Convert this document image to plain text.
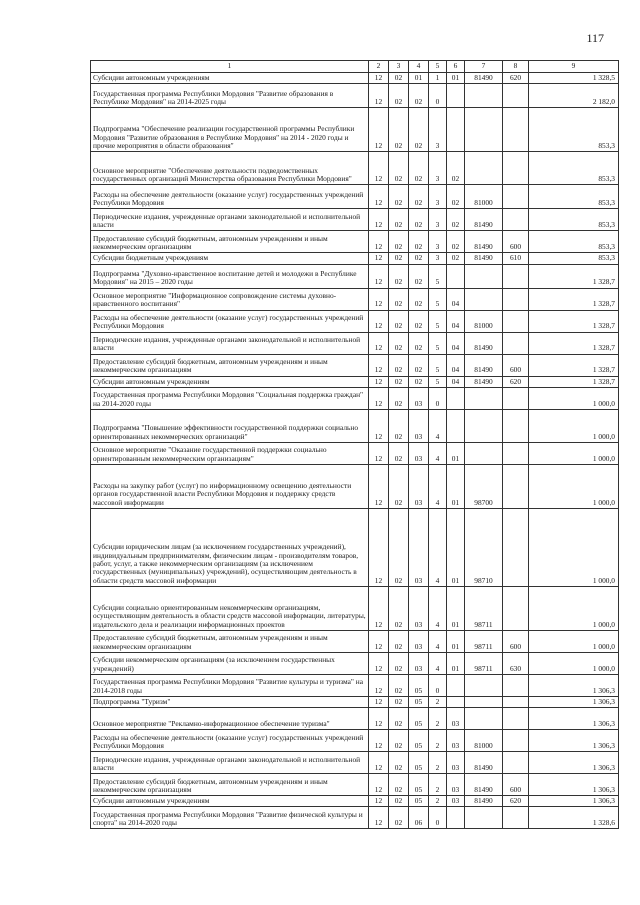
117
1	2	3	4	5	6	7	8	9
Субсидии автономным учреждениям	12	02	01	1	01	81490	620	1 328,5
Государственная программа Республики Мордовия "Развитие образования в Республике Мордовия" на 2014-2025 годы	12	02	02	0				2 182,0
Подпрограмма "Обеспечение реализации государственной программы Республики Мордовия "Развитие образования в Республике Мордовия" на 2014 - 2020 годы и прочие мероприятия в области образования"	12	02	02	3				853,3
Основное мероприятие "Обеспечение деятельности подведомственных государственных организаций Министерства образования Республики Мордовия"	12	02	02	3	02			853,3
Расходы на обеспечение деятельности (оказание услуг) государственных учреждений Республики Мордовия	12	02	02	3	02	81000		853,3
Периодические издания, учрежденные органами законодательной и исполнительной власти	12	02	02	3	02	81490		853,3
Предоставление субсидий бюджетным, автономным учреждениям и иным некоммерческим организациям	12	02	02	3	02	81490	600	853,3
Субсидии бюджетным учреждениям	12	02	02	3	02	81490	610	853,3
Подпрограмма "Духовно-нравственное воспитание детей и молодежи в Республике Мордовия" на 2015 – 2020 годы	12	02	02	5				1 328,7
Основное мероприятие "Информационное сопровождение системы духовно-нравственного воспитания"	12	02	02	5	04			1 328,7
Расходы на обеспечение деятельности (оказание услуг) государственных учреждений Республики Мордовия	12	02	02	5	04	81000		1 328,7
Периодические издания, учрежденные органами законодательной и исполнительной власти	12	02	02	5	04	81490		1 328,7
Предоставление субсидий бюджетным, автономным учреждениям и иным некоммерческим организациям	12	02	02	5	04	81490	600	1 328,7
Субсидии автономным учреждениям	12	02	02	5	04	81490	620	1 328,7
Государственная программа Республики Мордовия "Социальная поддержка граждан" на 2014-2020 годы	12	02	03	0				1 000,0
Подпрограмма "Повышение эффективности государственной поддержки социально ориентированных некоммерческих организаций"	12	02	03	4				1 000,0
Основное мероприятие "Оказание государственной поддержки социально ориентированным некоммерческим организациям"	12	02	03	4	01			1 000,0
Расходы на закупку работ (услуг) по информационному освещению деятельности органов государственной власти Республики Мордовия и поддержку средств массовой информации	12	02	03	4	01	98700		1 000,0
Субсидии юридическим лицам (за исключением государственных учреждений), индивидуальным предпринимателям, физическим лицам - производителям товаров, работ, услуг, а также некоммерческим организациям (за исключением государственных (муниципальных) учреждений), осуществляющим деятельность в области средств массовой информации	12	02	03	4	01	98710		1 000,0
Субсидии социально ориентированным некоммерческим организациям, осуществляющим деятельность в области средств массовой информации, литературы, издательского дела и реализации информационных проектов	12	02	03	4	01	98711		1 000,0
Предоставление субсидий бюджетным, автономным учреждениям и иным некоммерческим организациям	12	02	03	4	01	98711	600	1 000,0
Субсидии некоммерческим организациям (за исключением государственных учреждений)	12	02	03	4	01	98711	630	1 000,0
Государственная программа Республики Мордовия "Развитие культуры и туризма" на 2014-2018 годы	12	02	05	0				1 306,3
Подпрограмма "Туризм"	12	02	05	2				1 306,3
Основное мероприятие "Рекламно-информационное обеспечение туризма"	12	02	05	2	03			1 306,3
Расходы на обеспечение деятельности (оказание услуг) государственных учреждений Республики Мордовия	12	02	05	2	03	81000		1 306,3
Периодические издания, учрежденные органами законодательной и исполнительной власти	12	02	05	2	03	81490		1 306,3
Предоставление субсидий бюджетным, автономным учреждениям и иным некоммерческим организациям	12	02	05	2	03	81490	600	1 306,3
Субсидии автономным учреждениям	12	02	05	2	03	81490	620	1 306,3
Государственная программа Республики Мордовия "Развитие физической культуры и спорта" на 2014-2020 годы	12	02	06	0				1 328,6
